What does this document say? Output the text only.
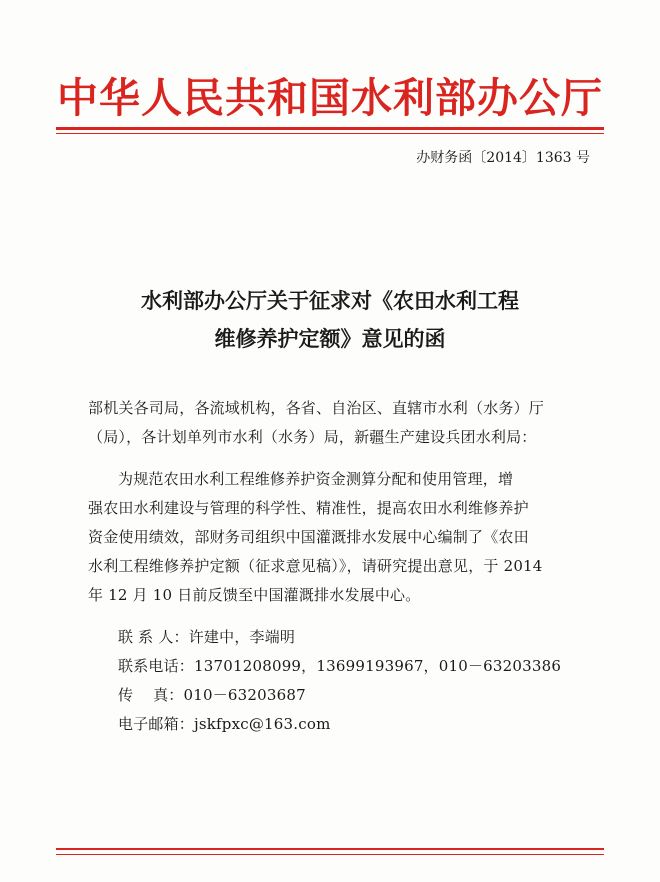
中华人民共和国水利部办公厅
办财务函〔2014〕1363 号
水利部办公厅关于征求对《农田水利工程
维修养护定额》意见的函
部机关各司局，各流域机构，各省、自治区、直辖市水利（水务）厅
（局），各计划单列市水利（水务）局，新疆生产建设兵团水利局：
为规范农田水利工程维修养护资金测算分配和使用管理，增
强农田水利建设与管理的科学性、精准性，提高农田水利维修养护
资金使用绩效，部财务司组织中国灌溉排水发展中心编制了《农田
水利工程维修养护定额（征求意见稿）》，请研究提出意见，于 2014
年 12 月 10 日前反馈至中国灌溉排水发展中心。
联 系 人：许建中，李端明
联系电话：13701208099，13699193967，010－63203386
传    真：010－63203687
电子邮箱：jskfpxc@163.com
